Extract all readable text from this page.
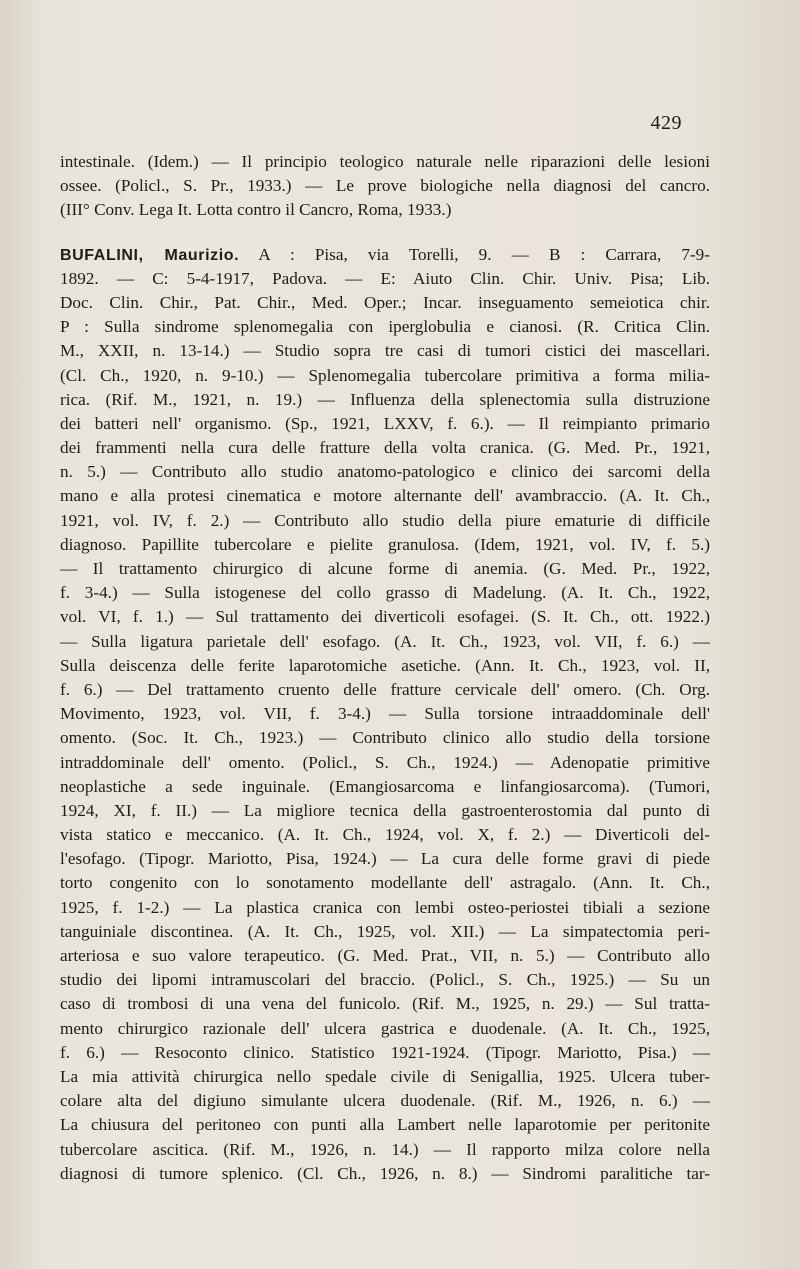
429
intestinale. (Idem.) — Il principio teologico naturale nelle riparazioni delle lesioni
ossee. (Policl., S. Pr., 1933.) — Le prove biologiche nella diagnosi del cancro.
(III° Conv. Lega It. Lotta contro il Cancro, Roma, 1933.)
BUFALINI, Maurizio. A : Pisa, via Torelli, 9. — B : Carrara, 7-9-
1892. — C: 5-4-1917, Padova. — E: Aiuto Clin. Chir. Univ. Pisa; Lib.
Doc. Clin. Chir., Pat. Chir., Med. Oper.; Incar. inseguamento semeiotica chir.
P : Sulla sindrome splenomegalia con iperglobulia e cianosi. (R. Critica Clin.
M., XXII, n. 13-14.) — Studio sopra tre casi di tumori cistici dei mascellari.
(Cl. Ch., 1920, n. 9-10.) — Splenomegalia tubercolare primitiva a forma milia-
rica. (Rif. M., 1921, n. 19.) — Influenza della splenectomia sulla distruzione
dei batteri nell' organismo. (Sp., 1921, LXXV, f. 6.). — Il reimpianto primario
dei frammenti nella cura delle fratture della volta cranica. (G. Med. Pr., 1921,
n. 5.) — Contributo allo studio anatomo-patologico e clinico dei sarcomi della
mano e alla protesi cinematica e motore alternante dell' avambraccio. (A. It. Ch.,
1921, vol. IV, f. 2.) — Contributo allo studio della piure ematurie di difficile
diagnoso. Papillite tubercolare e pielite granulosa. (Idem, 1921, vol. IV, f. 5.)
— Il trattamento chirurgico di alcune forme di anemia. (G. Med. Pr., 1922,
f. 3-4.) — Sulla istogenese del collo grasso di Madelung. (A. It. Ch., 1922,
vol. VI, f. 1.) — Sul trattamento dei diverticoli esofagei. (S. It. Ch., ott. 1922.)
— Sulla ligatura parietale dell' esofago. (A. It. Ch., 1923, vol. VII, f. 6.) —
Sulla deiscenza delle ferite laparotomiche asetiche. (Ann. It. Ch., 1923, vol. II,
f. 6.) — Del trattamento cruento delle fratture cervicale dell' omero. (Ch. Org.
Movimento, 1923, vol. VII, f. 3-4.) — Sulla torsione intraaddominale dell'
omento. (Soc. It. Ch., 1923.) — Contributo clinico allo studio della torsione
intraddominale dell' omento. (Policl., S. Ch., 1924.) — Adenopatie primitive
neoplastiche a sede inguinale. (Emangiosarcoma e linfangiosarcoma). (Tumori,
1924, XI, f. II.) — La migliore tecnica della gastroenterostomia dal punto di
vista statico e meccanico. (A. It. Ch., 1924, vol. X, f. 2.) — Diverticoli del-
l'esofago. (Tipogr. Mariotto, Pisa, 1924.) — La cura delle forme gravi di piede
torto congenito con lo sonotamento modellante dell' astragalo. (Ann. It. Ch.,
1925, f. 1-2.) — La plastica cranica con lembi osteo-periostei tibiali a sezione
tanguiniale discontinea. (A. It. Ch., 1925, vol. XII.) — La simpatectomia peri-
arteriosa e suo valore terapeutico. (G. Med. Prat., VII, n. 5.) — Contributo allo
studio dei lipomi intramuscolari del braccio. (Policl., S. Ch., 1925.) — Su un
caso di trombosi di una vena del funicolo. (Rif. M., 1925, n. 29.) — Sul tratta-
mento chirurgico razionale dell' ulcera gastrica e duodenale. (A. It. Ch., 1925,
f. 6.) — Resoconto clinico. Statistico 1921-1924. (Tipogr. Mariotto, Pisa.) —
La mia attività chirurgica nello spedale civile di Senigallia, 1925. Ulcera tuber-
colare alta del digiuno simulante ulcera duodenale. (Rif. M., 1926, n. 6.) —
La chiusura del peritoneo con punti alla Lambert nelle laparotomie per peritonite
tubercolare ascitica. (Rif. M., 1926, n. 14.) — Il rapporto milza colore nella
diagnosi di tumore splenico. (Cl. Ch., 1926, n. 8.) — Sindromi paralitiche tar-
